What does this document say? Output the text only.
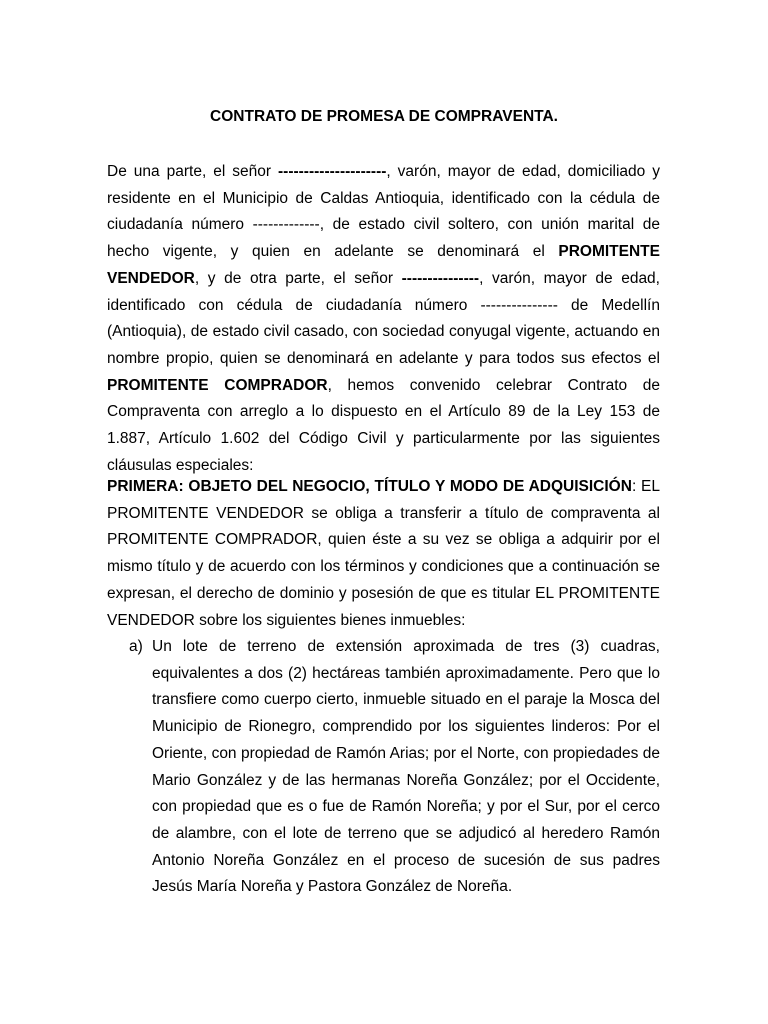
CONTRATO DE PROMESA DE COMPRAVENTA.
De una parte, el señor ---------------------, varón, mayor de edad, domiciliado y residente en el Municipio de Caldas Antioquia, identificado con la cédula de ciudadanía número -------------, de estado civil soltero, con unión marital de hecho vigente, y quien en adelante se denominará el PROMITENTE VENDEDOR, y de otra parte, el señor ---------------, varón, mayor de edad, identificado con cédula de ciudadanía número --------------- de Medellín (Antioquia), de estado civil casado, con sociedad conyugal vigente, actuando en nombre propio, quien se denominará en adelante y para todos sus efectos el PROMITENTE COMPRADOR, hemos convenido celebrar Contrato de Compraventa con arreglo a lo dispuesto en el Artículo 89 de la Ley 153 de 1.887, Artículo 1.602 del Código Civil y particularmente por las siguientes cláusulas especiales:
PRIMERA: OBJETO DEL NEGOCIO, TÍTULO Y MODO DE ADQUISICIÓN: EL PROMITENTE VENDEDOR se obliga a transferir a título de compraventa al PROMITENTE COMPRADOR, quien éste a su vez se obliga a adquirir por el mismo título y de acuerdo con los términos y condiciones que a continuación se expresan, el derecho de dominio y posesión de que es titular EL PROMITENTE VENDEDOR sobre los siguientes bienes inmuebles:
a) Un lote de terreno de extensión aproximada de tres (3) cuadras, equivalentes a dos (2) hectáreas también aproximadamente. Pero que lo transfiere como cuerpo cierto, inmueble situado en el paraje la Mosca del Municipio de Rionegro, comprendido por los siguientes linderos: Por el Oriente, con propiedad de Ramón Arias; por el Norte, con propiedades de Mario González y de las hermanas Noreña González; por el Occidente, con propiedad que es o fue de Ramón Noreña; y por el Sur, por el cerco de alambre, con el lote de terreno que se adjudicó al heredero Ramón Antonio Noreña González en el proceso de sucesión de sus padres Jesús María Noreña y Pastora González de Noreña.
